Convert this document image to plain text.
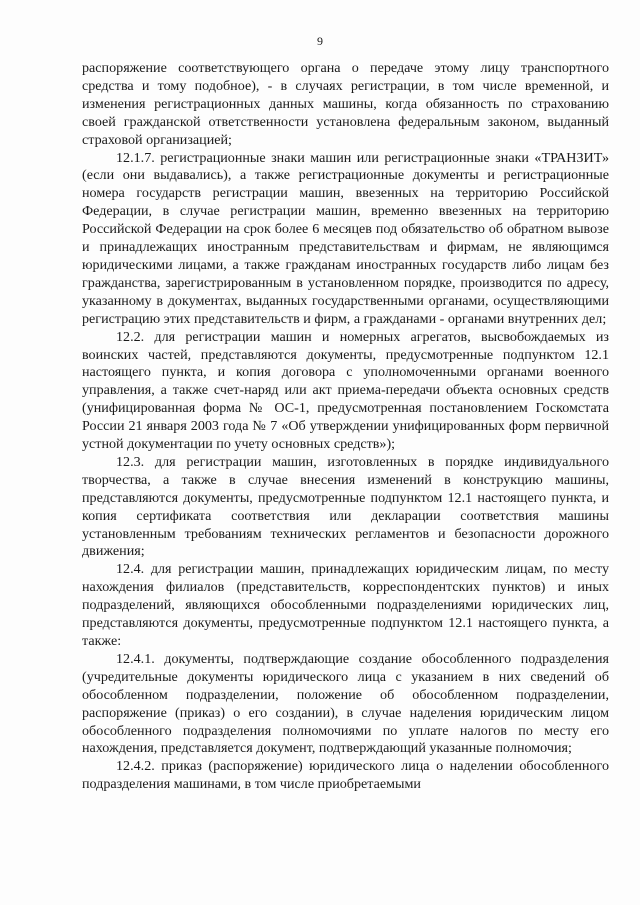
9

распоряжение соответствующего органа о передаче этому лицу транспортного средства и тому подобное), - в случаях регистрации, в том числе временной, и изменения регистрационных данных машины, когда обязанность по страхованию своей гражданской ответственности установлена федеральным законом, выданный страховой организацией;

12.1.7. регистрационные знаки машин или регистрационные знаки «ТРАНЗИТ» (если они выдавались), а также регистрационные документы и регистрационные номера государств регистрации машин, ввезенных на территорию Российской Федерации, в случае регистрации машин, временно ввезенных на территорию Российской Федерации на срок более 6 месяцев под обязательство об обратном вывозе и принадлежащих иностранным представительствам и фирмам, не являющимся юридическими лицами, а также гражданам иностранных государств либо лицам без гражданства, зарегистрированным в установленном порядке, производится по адресу, указанному в документах, выданных государственными органами, осуществляющими регистрацию этих представительств и фирм, а гражданами - органами внутренних дел;

12.2. для регистрации машин и номерных агрегатов, высвобождаемых из воинских частей, представляются документы, предусмотренные подпунктом 12.1 настоящего пункта, и копия договора с уполномоченными органами военного управления, а также счет-наряд или акт приема-передачи объекта основных средств (унифицированная форма № ОС-1, предусмотренная постановлением Госкомстата России 21 января 2003 года № 7 «Об утверждении унифицированных форм первичной устной документации по учету основных средств»);

12.3. для регистрации машин, изготовленных в порядке индивидуального творчества, а также в случае внесения изменений в конструкцию машины, представляются документы, предусмотренные подпунктом 12.1 настоящего пункта, и копия сертификата соответствия или декларации соответствия машины установленным требованиям технических регламентов и безопасности дорожного движения;

12.4. для регистрации машин, принадлежащих юридическим лицам, по месту нахождения филиалов (представительств, корреспондентских пунктов) и иных подразделений, являющихся обособленными подразделениями юридических лиц, представляются документы, предусмотренные подпунктом 12.1 настоящего пункта, а также:

12.4.1. документы, подтверждающие создание обособленного подразделения (учредительные документы юридического лица с указанием в них сведений об обособленном подразделении, положение об обособленном подразделении, распоряжение (приказ) о его создании), в случае наделения юридическим лицом обособленного подразделения полномочиями по уплате налогов по месту его нахождения, представляется документ, подтверждающий указанные полномочия;

12.4.2. приказ (распоряжение) юридического лица о наделении обособленного подразделения машинами, в том числе приобретаемыми
